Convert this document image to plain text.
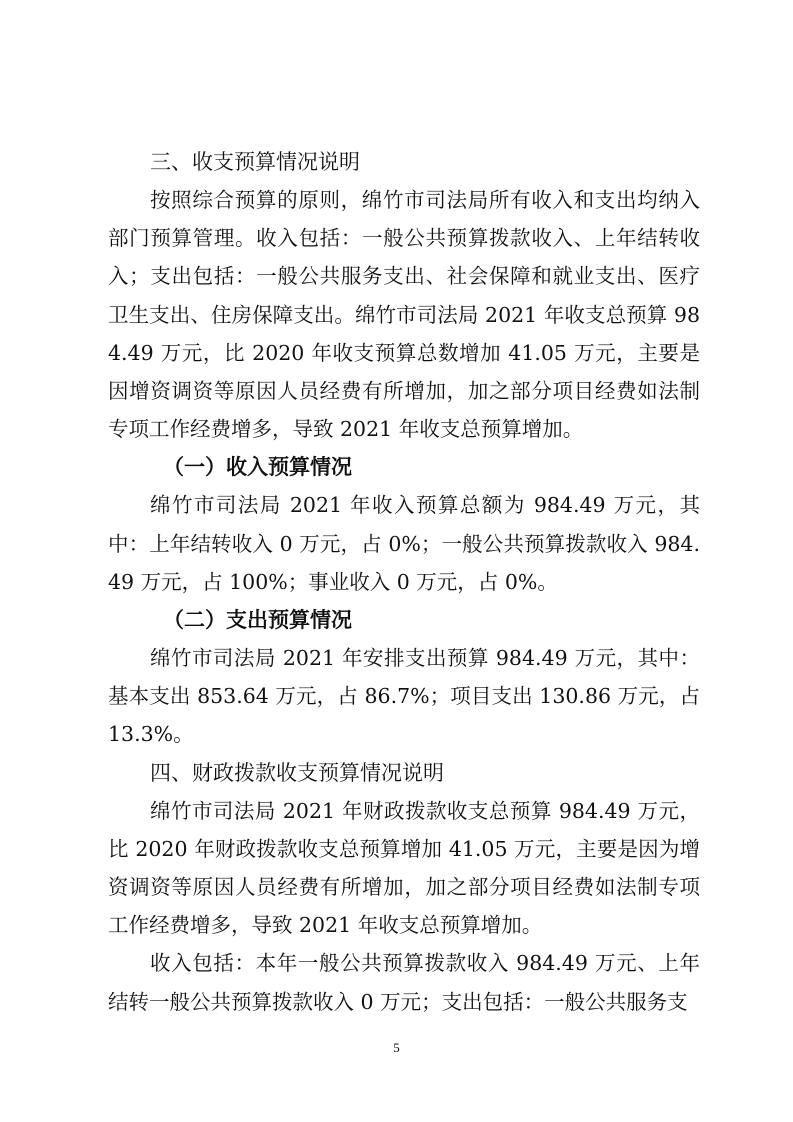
三、收支预算情况说明

按照综合预算的原则，绵竹市司法局所有收入和支出均纳入部门预算管理。收入包括：一般公共预算拨款收入、上年结转收入；支出包括：一般公共服务支出、社会保障和就业支出、医疗卫生支出、住房保障支出。绵竹市司法局 2021 年收支总预算 984.49 万元，比 2020 年收支预算总数增加 41.05 万元，主要是因增资调资等原因人员经费有所增加，加之部分项目经费如法制专项工作经费增多，导致 2021 年收支总预算增加。

（一）收入预算情况

绵竹市司法局 2021 年收入预算总额为 984.49 万元，其中：上年结转收入 0 万元，占 0%；一般公共预算拨款收入 984.49 万元，占 100%；事业收入 0 万元，占 0%。

（二）支出预算情况

绵竹市司法局 2021 年安排支出预算 984.49 万元，其中：基本支出 853.64 万元，占 86.7%；项目支出 130.86 万元，占 13.3%。

四、财政拨款收支预算情况说明

绵竹市司法局 2021 年财政拨款收支总预算 984.49 万元，比 2020 年财政拨款收支总预算增加 41.05 万元，主要是因为增资调资等原因人员经费有所增加，加之部分项目经费如法制专项工作经费增多，导致 2021 年收支总预算增加。

收入包括：本年一般公共预算拨款收入 984.49 万元、上年结转一般公共预算拨款收入 0 万元；支出包括：一般公共服务支

5
